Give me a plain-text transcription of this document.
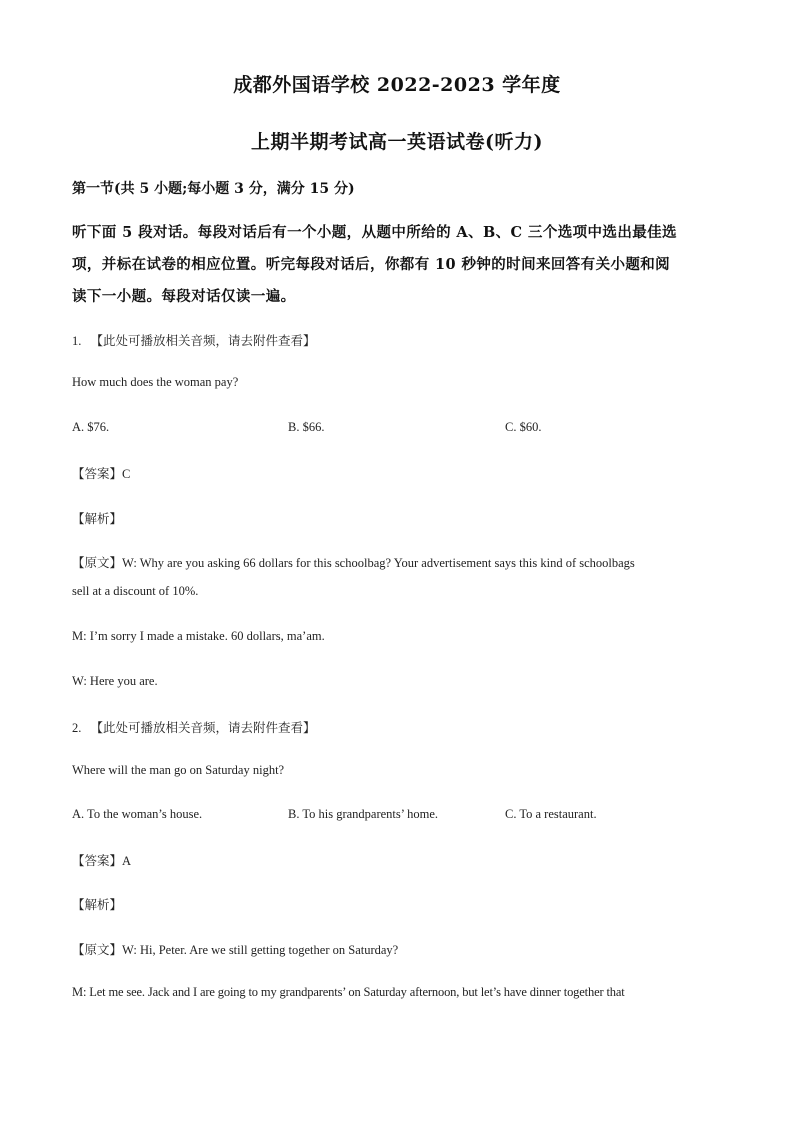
成都外国语学校 2022-2023 学年度
上期半期考试高一英语试卷(听力)
第一节(共 5 小题;每小题 3 分，满分 15 分)
听下面 5 段对话。每段对话后有一个小题，从题中所给的 A、B、C 三个选项中选出最佳选
项，并标在试卷的相应位置。听完每段对话后，你都有 10 秒钟的时间来回答有关小题和阅
读下一小题。每段对话仅读一遍。
1. 【此处可播放相关音频，请去附件查看】
How much does the woman pay?
A. $76.	B. $66.	C. $60.
【答案】C
【解析】
【原文】W: Why are you asking 66 dollars for this schoolbag? Your advertisement says this kind of schoolbags
sell at a discount of 10%.
M: I’m sorry I made a mistake. 60 dollars, ma’am.
W: Here you are.
2. 【此处可播放相关音频，请去附件查看】
Where will the man go on Saturday night?
A. To the woman’s house.	B. To his grandparents’ home.	C. To a restaurant.
【答案】A
【解析】
【原文】W: Hi, Peter. Are we still getting together on Saturday?
M: Let me see. Jack and I are going to my grandparents’ on Saturday afternoon, but let’s have dinner together that
